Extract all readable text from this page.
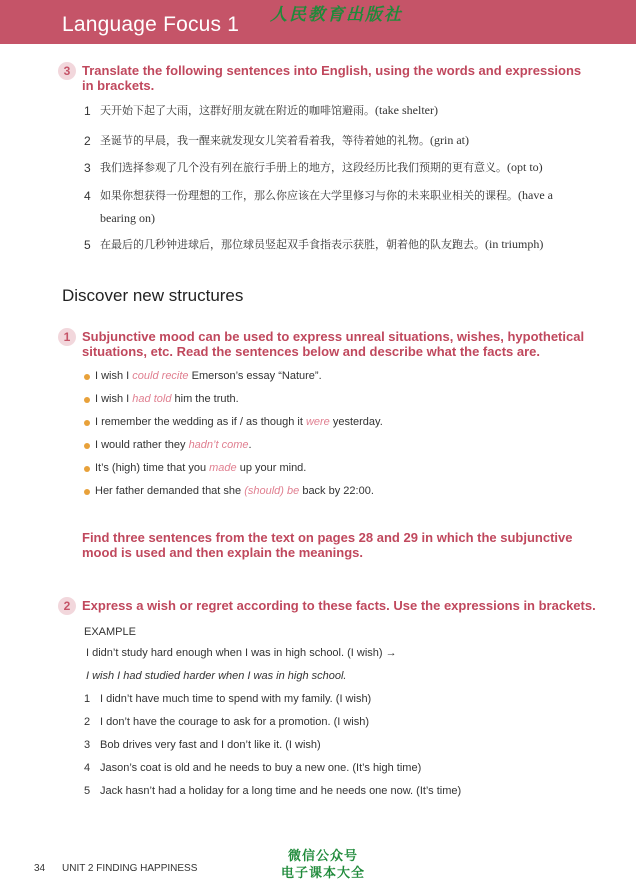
Language Focus 1 人民教育出版社
3 Translate the following sentences into English, using the words and expressions
in brackets.
1 天开始下起了大雨，这群好朋友就在附近的咖啡馆避雨。(take shelter)
2 圣诞节的早晨，我一醒来就发现女儿笑着看着我，等待着她的礼物。(grin at)
3 我们选择参观了几个没有列在旅行手册上的地方，这段经历比我们预期的更有意义。(opt to)
4 如果你想获得一份理想的工作，那么你应该在大学里修习与你的未来职业相关的课程。(have a
bearing on)
5 在最后的几秒钟进球后，那位球员竖起双手食指表示获胜，朝着他的队友跑去。(in triumph)
Discover new structures
1 Subjunctive mood can be used to express unreal situations, wishes, hypothetical
situations, etc. Read the sentences below and describe what the facts are.
I wish I could recite Emerson’s essay “Nature”.
I wish I had told him the truth.
I remember the wedding as if / as though it were yesterday.
I would rather they hadn’t come.
It’s (high) time that you made up your mind.
Her father demanded that she (should) be back by 22:00.
Find three sentences from the text on pages 28 and 29 in which the subjunctive
mood is used and then explain the meanings.
2 Express a wish or regret according to these facts. Use the expressions in brackets.
EXAMPLE
I didn’t study hard enough when I was in high school. (I wish) →
I wish I had studied harder when I was in high school.
1 I didn’t have much time to spend with my family. (I wish)
2 I don’t have the courage to ask for a promotion. (I wish)
3 Bob drives very fast and I don’t like it. (I wish)
4 Jason’s coat is old and he needs to buy a new one. (It’s high time)
5 Jack hasn’t had a holiday for a long time and he needs one now. (It’s time)
34 UNIT 2 FINDING HAPPINESS
微信公众号
电子课本大全
